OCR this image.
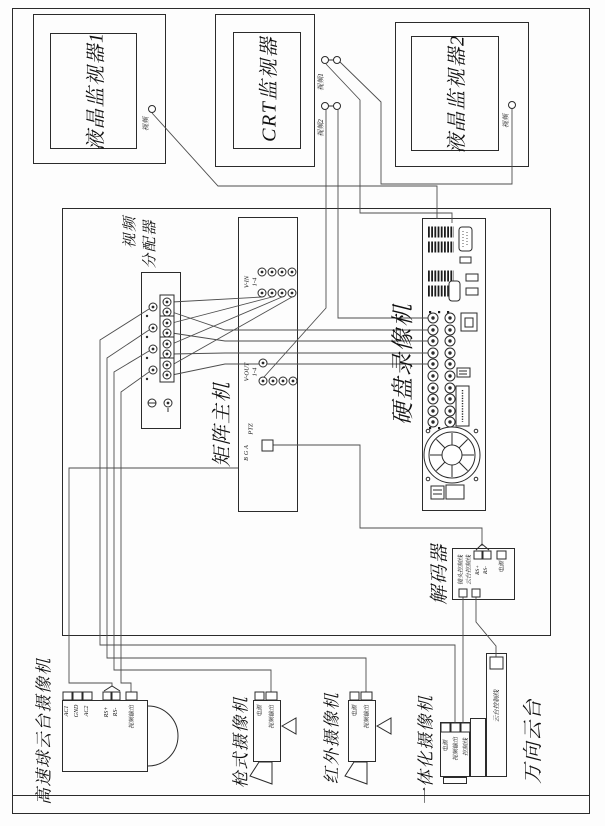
液晶监视器1	CRT监视器	液晶监视器2
视频 分配器
矩阵主机	硬盘录像机
解码器
高速球云台摄像机	枪式摄像机	红外摄像机	一体化摄像机	万向云台
视频
视频1
视频2	视频
V-IN 1-4
V-OUT 1-4
PTZ
A
G
B
镜头控制线 云台控制线 RS+ RS-	电源
AC1 GND AC2 RS+ RS-	视频输出	电源	视频输出	电源	视频输出
电源 视频输出 控制线
云台控制线
